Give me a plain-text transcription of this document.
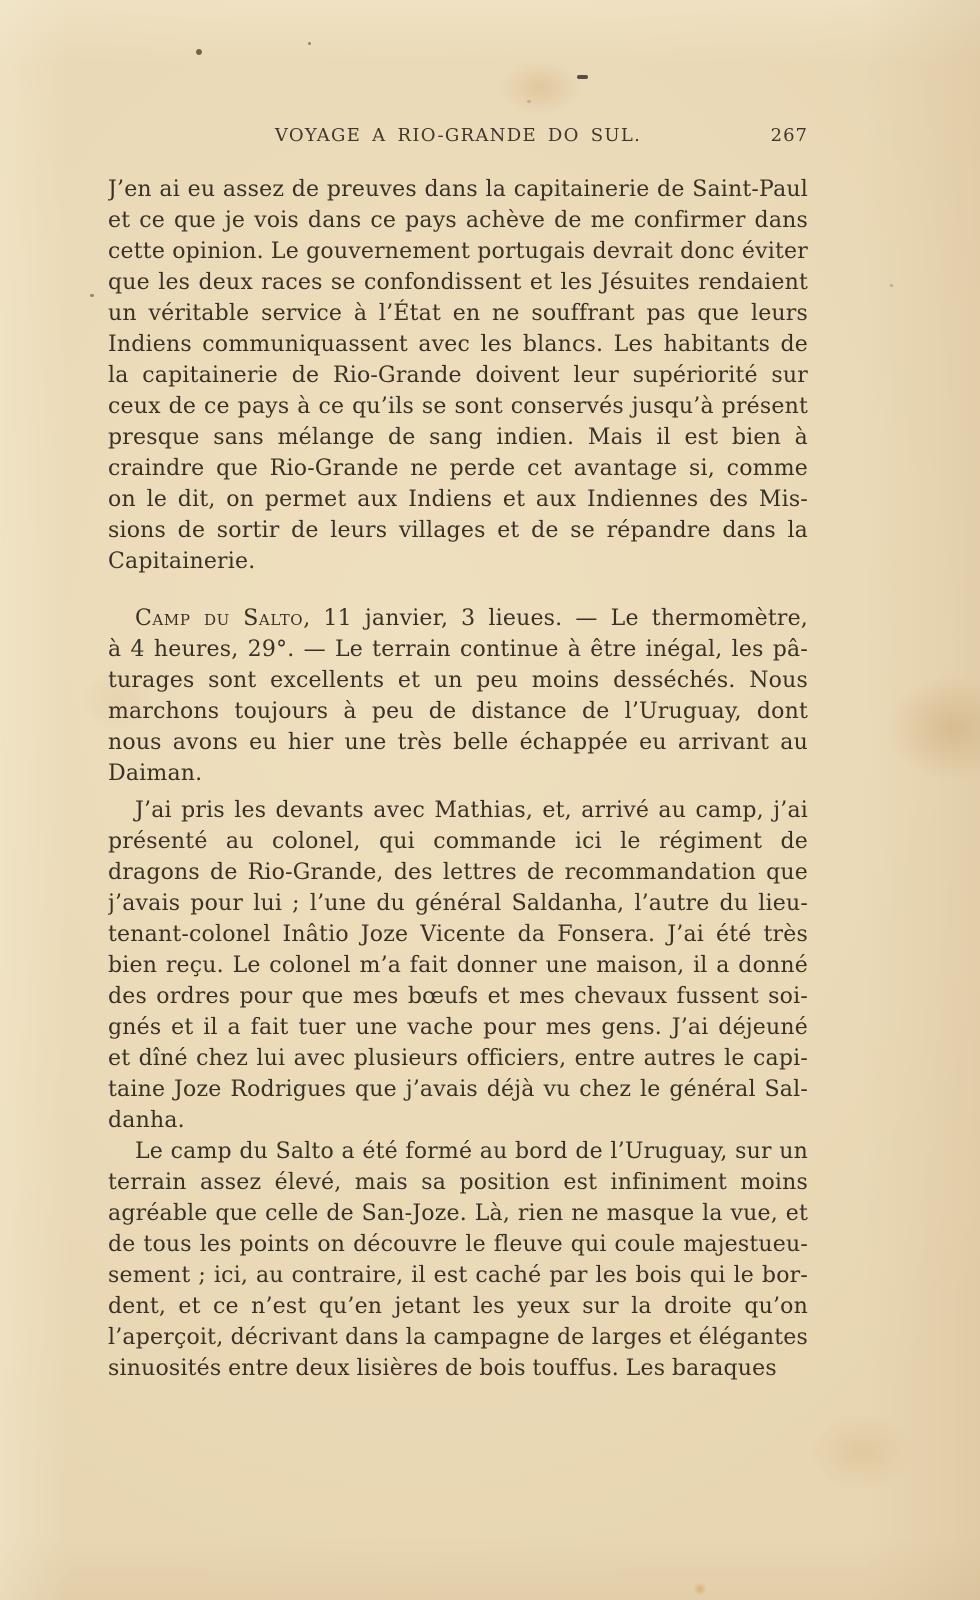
VOYAGE A RIO-GRANDE DO SUL.	267
J’en ai eu assez de preuves dans la capitainerie de Saint-Paul
et ce que je vois dans ce pays achève de me confirmer dans
cette opinion. Le gouvernement portugais devrait donc éviter
que les deux races se confondissent et les Jésuites rendaient
un véritable service à l’État en ne souffrant pas que leurs
Indiens communiquassent avec les blancs. Les habitants de
la capitainerie de Rio-Grande doivent leur supériorité sur
ceux de ce pays à ce qu’ils se sont conservés jusqu’à présent
presque sans mélange de sang indien. Mais il est bien à
craindre que Rio-Grande ne perde cet avantage si, comme
on le dit, on permet aux Indiens et aux Indiennes des Mis-
sions de sortir de leurs villages et de se répandre dans la
Capitainerie.
Camp du Salto, 11 janvier, 3 lieues. — Le thermomètre,
à 4 heures, 29°. — Le terrain continue à être inégal, les pâ-
turages sont excellents et un peu moins desséchés. Nous
marchons toujours à peu de distance de l’Uruguay, dont
nous avons eu hier une très belle échappée eu arrivant au
Daiman.
J’ai pris les devants avec Mathias, et, arrivé au camp, j’ai
présenté au colonel, qui commande ici le régiment de
dragons de Rio-Grande, des lettres de recommandation que
j’avais pour lui ; l’une du général Saldanha, l’autre du lieu-
tenant-colonel Inâtio Joze Vicente da Fonsera. J’ai été très
bien reçu. Le colonel m’a fait donner une maison, il a donné
des ordres pour que mes bœufs et mes chevaux fussent soi-
gnés et il a fait tuer une vache pour mes gens. J’ai déjeuné
et dîné chez lui avec plusieurs officiers, entre autres le capi-
taine Joze Rodrigues que j’avais déjà vu chez le général Sal-
danha.
Le camp du Salto a été formé au bord de l’Uruguay, sur un
terrain assez élevé, mais sa position est infiniment moins
agréable que celle de San-Joze. Là, rien ne masque la vue, et
de tous les points on découvre le fleuve qui coule majestueu-
sement ; ici, au contraire, il est caché par les bois qui le bor-
dent, et ce n’est qu’en jetant les yeux sur la droite qu’on
l’aperçoit, décrivant dans la campagne de larges et élégantes
sinuosités entre deux lisières de bois touffus. Les baraques
